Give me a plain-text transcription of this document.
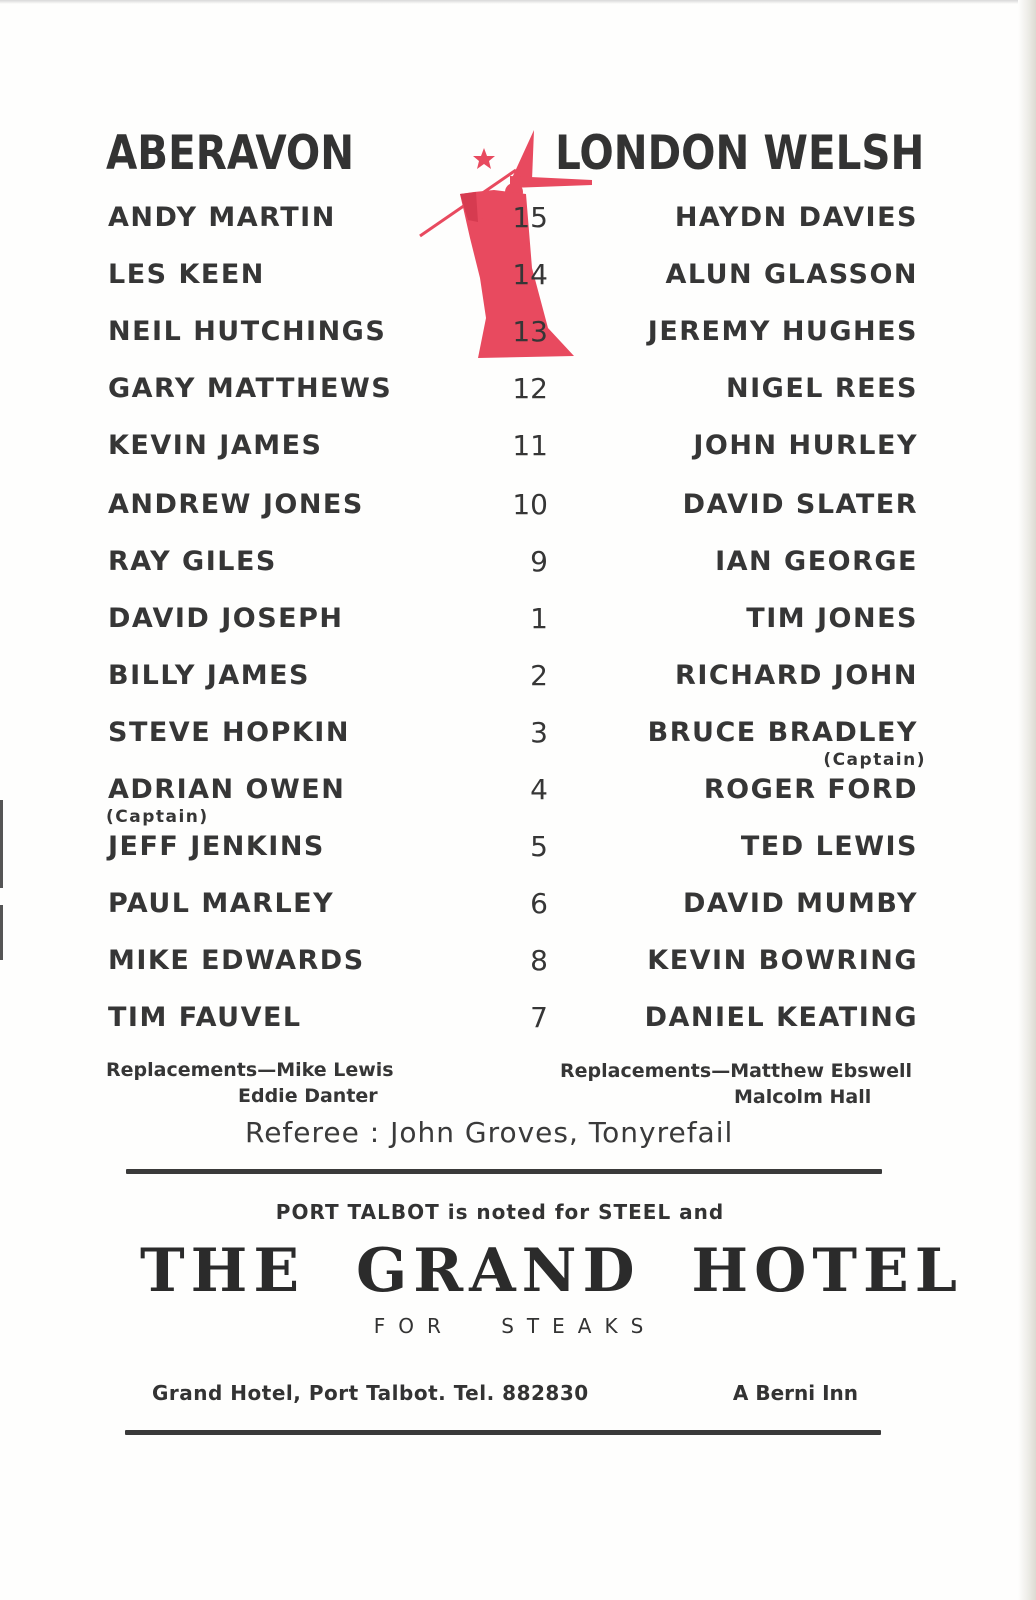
ABERAVON	LONDON WELSH
ANDY MARTIN	15	HAYDN DAVIES
LES KEEN	14	ALUN GLASSON
NEIL HUTCHINGS	13	JEREMY HUGHES
GARY MATTHEWS	12	NIGEL REES
KEVIN JAMES	11	JOHN HURLEY
ANDREW JONES	10	DAVID SLATER
RAY GILES	9	IAN GEORGE
DAVID JOSEPH	1	TIM JONES
BILLY JAMES	2	RICHARD JOHN
STEVE HOPKIN	3	BRUCE BRADLEY
ADRIAN OWEN	4	ROGER FORD
JEFF JENKINS	5	TED LEWIS
PAUL MARLEY	6	DAVID MUMBY
MIKE EDWARDS	8	KEVIN BOWRING
TIM FAUVEL	7	DANIEL KEATING
(Captain)
(Captain)
Replacements—Mike Lewis
Eddie Danter
Replacements—Matthew Ebswell
Malcolm Hall
Referee : John Groves, Tonyrefail
PORT TALBOT is noted for STEEL and
THE GRAND HOTEL
FOR STEAKS
Grand Hotel, Port Talbot. Tel. 882830	A Berni Inn
